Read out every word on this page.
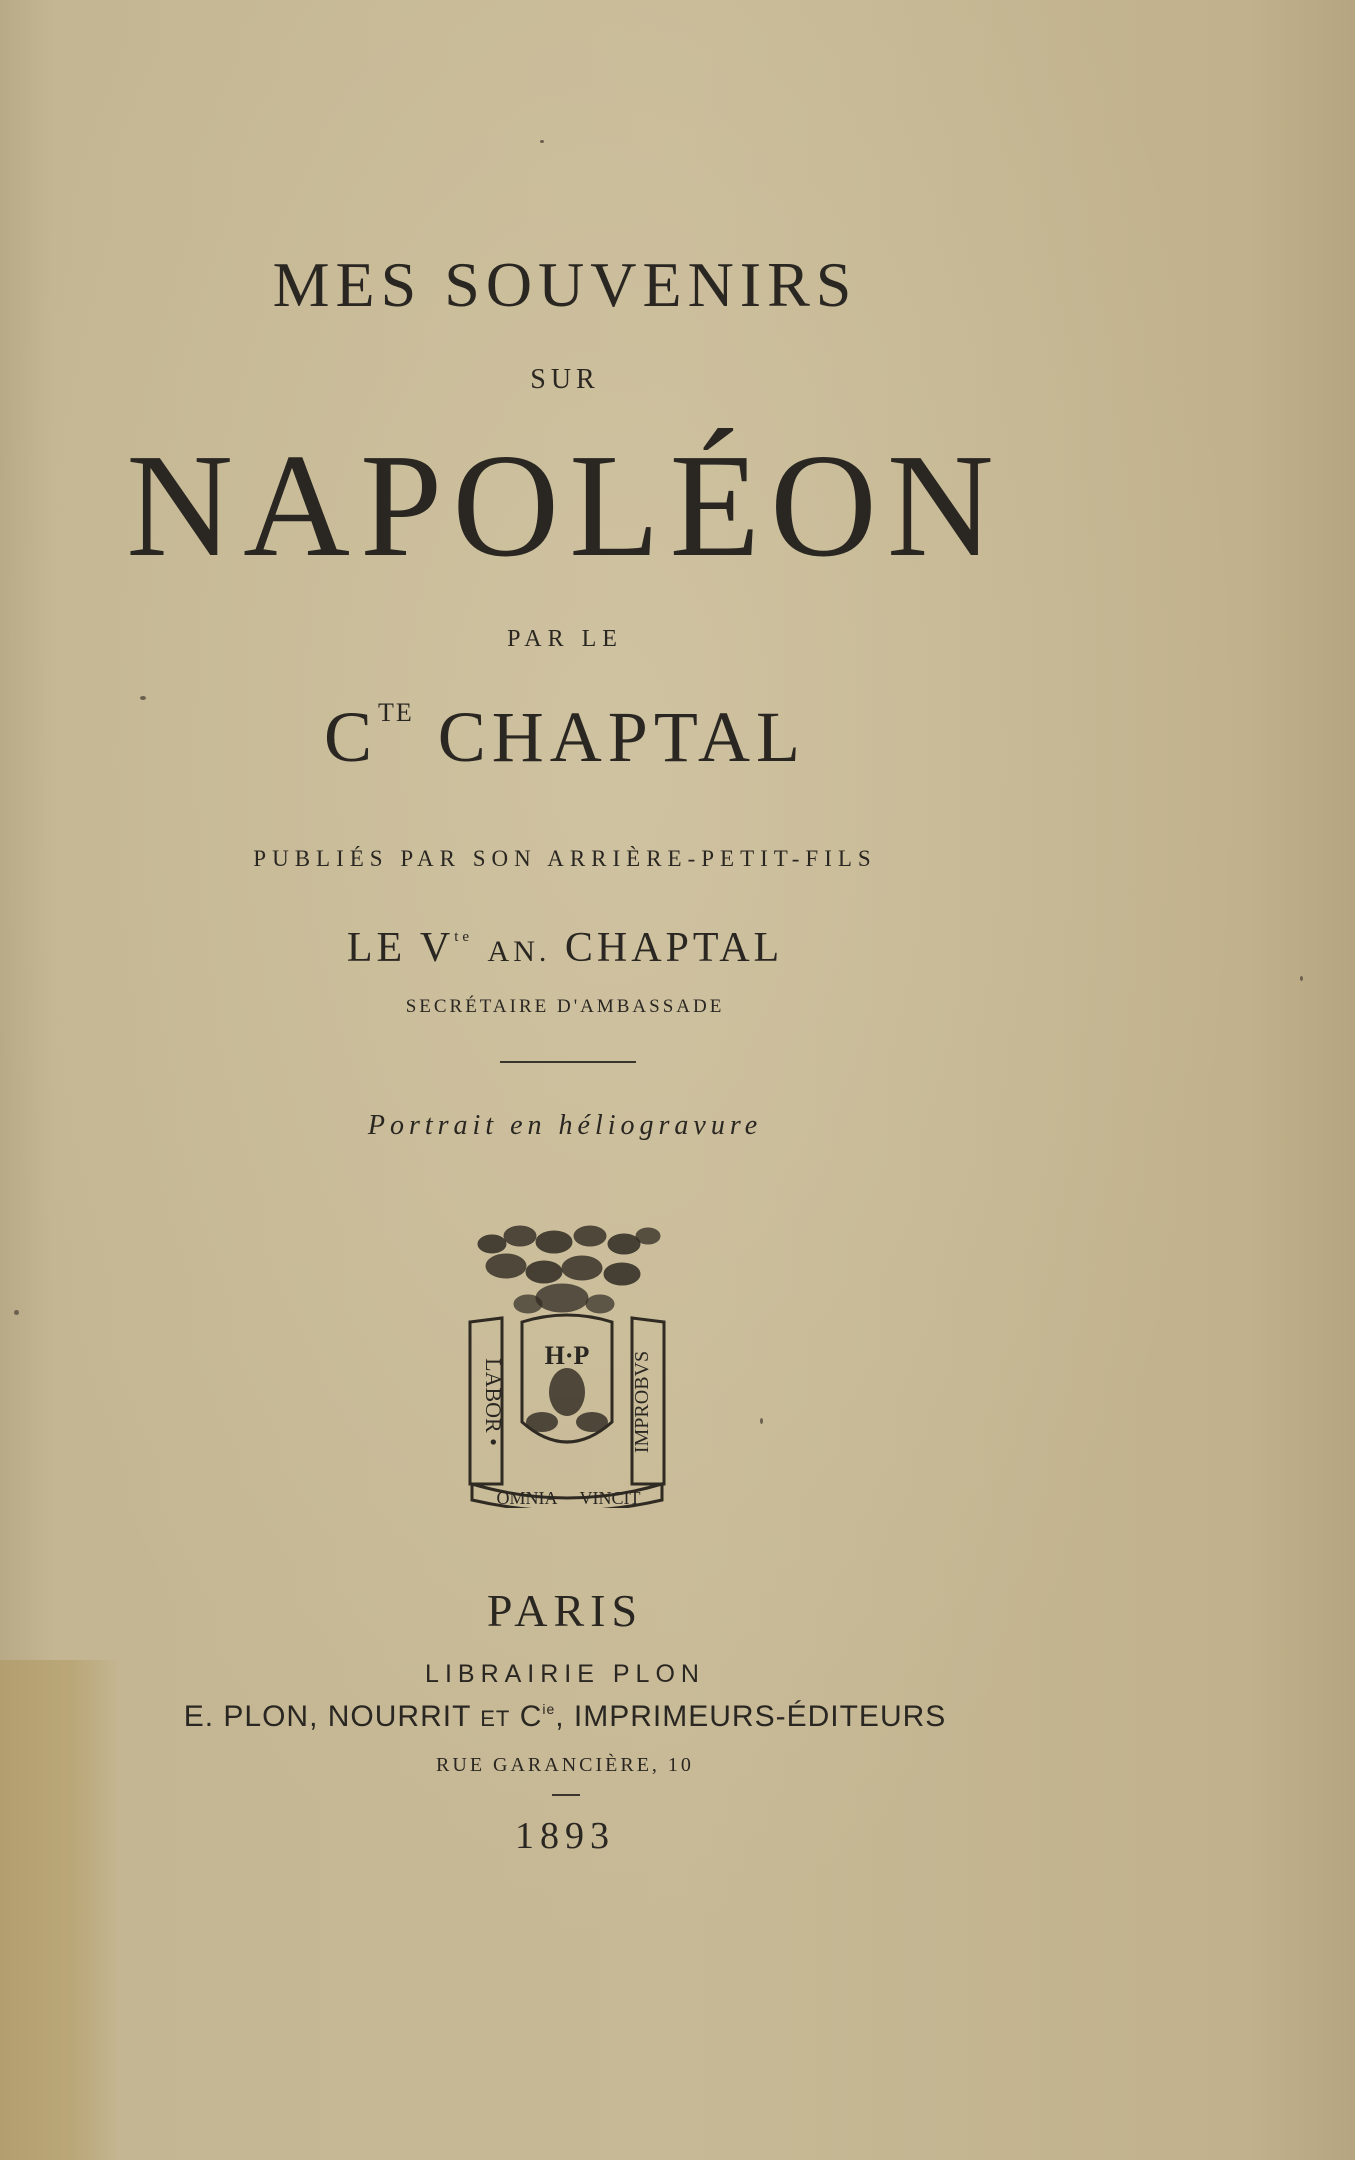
MES SOUVENIRS
SUR
NAPOLÉON
PAR LE
$C^{TE}$ CHAPTAL
PUBLIÉS PAR SON ARRIÈRE-PETIT-FILS
LE $V^{te}$ AN. CHAPTAL
SECRÉTAIRE D'AMBASSADE
Portrait en héliogravure
LABOR •	IMPROBVS
H·P
OMNIA VINCIT
PARIS
LIBRAIRIE PLON
E. PLON, NOURRIT ET $C^{ie}$, IMPRIMEURS-ÉDITEURS
RUE GARANCIÈRE, 10
1893
